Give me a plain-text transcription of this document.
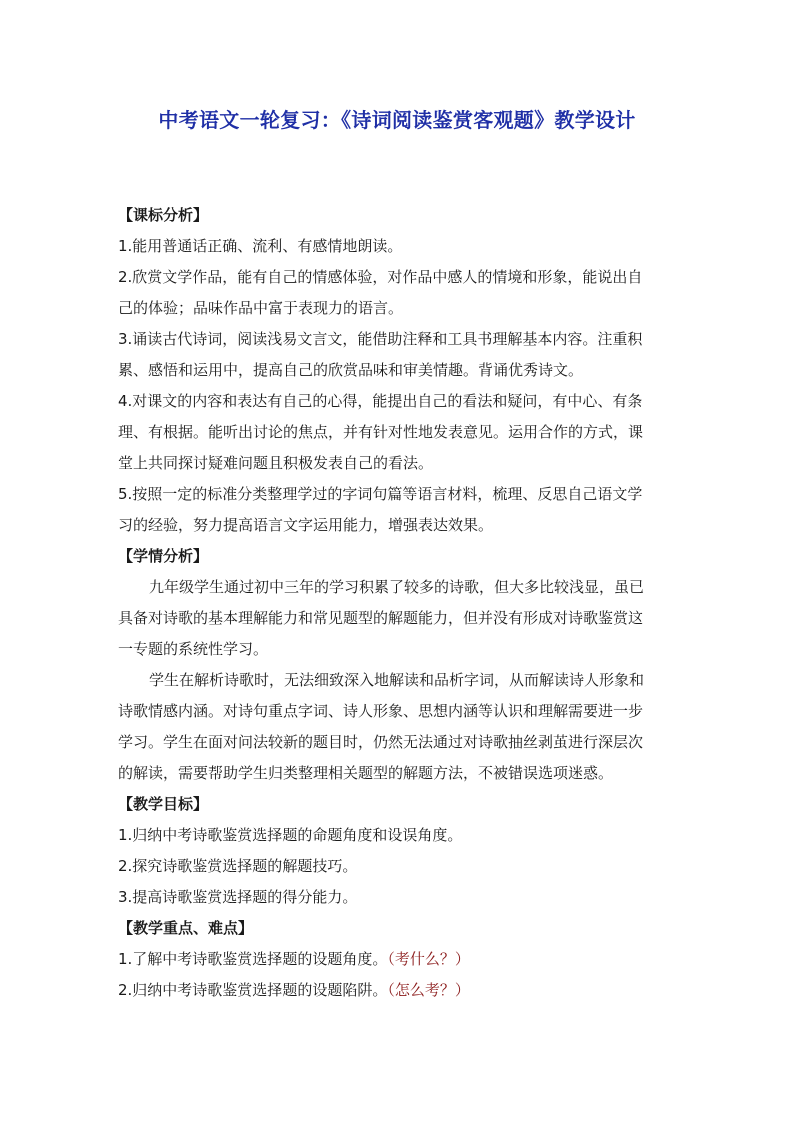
中考语文一轮复习：《诗词阅读鉴赏客观题》教学设计
【课标分析】
1.能用普通话正确、流利、有感情地朗读。
2.欣赏文学作品，能有自己的情感体验，对作品中感人的情境和形象，能说出自
己的体验；品味作品中富于表现力的语言。
3.诵读古代诗词，阅读浅易文言文，能借助注释和工具书理解基本内容。注重积
累、感悟和运用中，提高自己的欣赏品味和审美情趣。背诵优秀诗文。
4.对课文的内容和表达有自己的心得，能提出自己的看法和疑问，有中心、有条
理、有根据。能听出讨论的焦点，并有针对性地发表意见。运用合作的方式，课
堂上共同探讨疑难问题且积极发表自己的看法。
5.按照一定的标准分类整理学过的字词句篇等语言材料，梳理、反思自己语文学
习的经验，努力提高语言文字运用能力，增强表达效果。
【学情分析】
九年级学生通过初中三年的学习积累了较多的诗歌，但大多比较浅显，虽已
具备对诗歌的基本理解能力和常见题型的解题能力，但并没有形成对诗歌鉴赏这
一专题的系统性学习。
学生在解析诗歌时，无法细致深入地解读和品析字词，从而解读诗人形象和
诗歌情感内涵。对诗句重点字词、诗人形象、思想内涵等认识和理解需要进一步
学习。学生在面对问法较新的题目时，仍然无法通过对诗歌抽丝剥茧进行深层次
的解读，需要帮助学生归类整理相关题型的解题方法，不被错误选项迷惑。
【教学目标】
1.归纳中考诗歌鉴赏选择题的命题角度和设误角度。
2.探究诗歌鉴赏选择题的解题技巧。
3.提高诗歌鉴赏选择题的得分能力。
【教学重点、难点】
1.了解中考诗歌鉴赏选择题的设题角度。（考什么？）
2.归纳中考诗歌鉴赏选择题的设题陷阱。（怎么考？）
